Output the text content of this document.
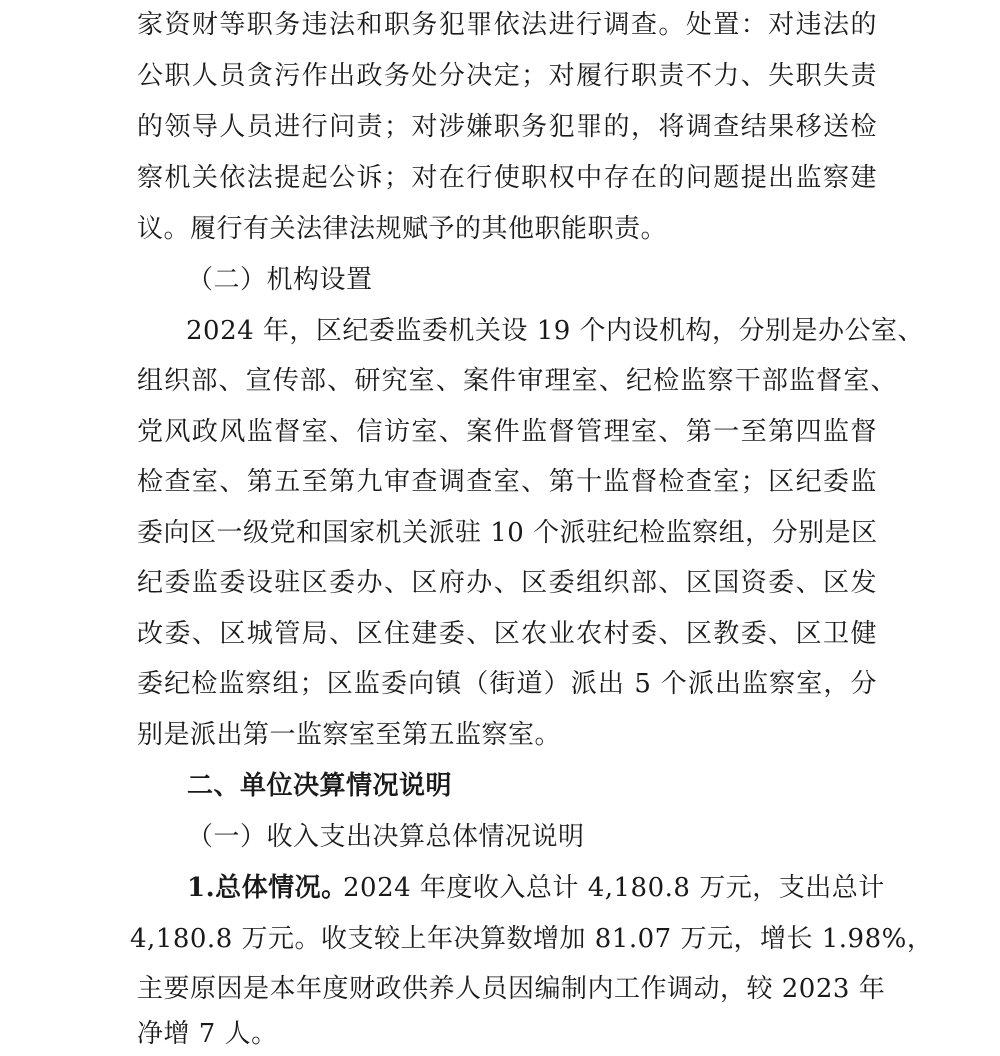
家资财等职务违法和职务犯罪依法进行调查。处置：对违法的
公职人员贪污作出政务处分决定；对履行职责不力、失职失责
的领导人员进行问责；对涉嫌职务犯罪的，将调查结果移送检
察机关依法提起公诉；对在行使职权中存在的问题提出监察建
议。履行有关法律法规赋予的其他职能职责。
（二）机构设置
2024 年，区纪委监委机关设 19 个内设机构，分别是办公室、
组织部、宣传部、研究室、案件审理室、纪检监察干部监督室、
党风政风监督室、信访室、案件监督管理室、第一至第四监督
检查室、第五至第九审查调查室、第十监督检查室；区纪委监
委向区一级党和国家机关派驻 10 个派驻纪检监察组，分别是区
纪委监委设驻区委办、区府办、区委组织部、区国资委、区发
改委、区城管局、区住建委、区农业农村委、区教委、区卫健
委纪检监察组；区监委向镇（街道）派出 5 个派出监察室，分
别是派出第一监察室至第五监察室。
二、单位决算情况说明
（一）收入支出决算总体情况说明
1.总体情况。
2024 年度收入总计 4,180.8 万元，支出总计
4,180.8 万元。收支较上年决算数增加 81.07 万元，增长 1.98%，
主要原因是本年度财政供养人员因编制内工作调动，较 2023 年
净增 7 人。
